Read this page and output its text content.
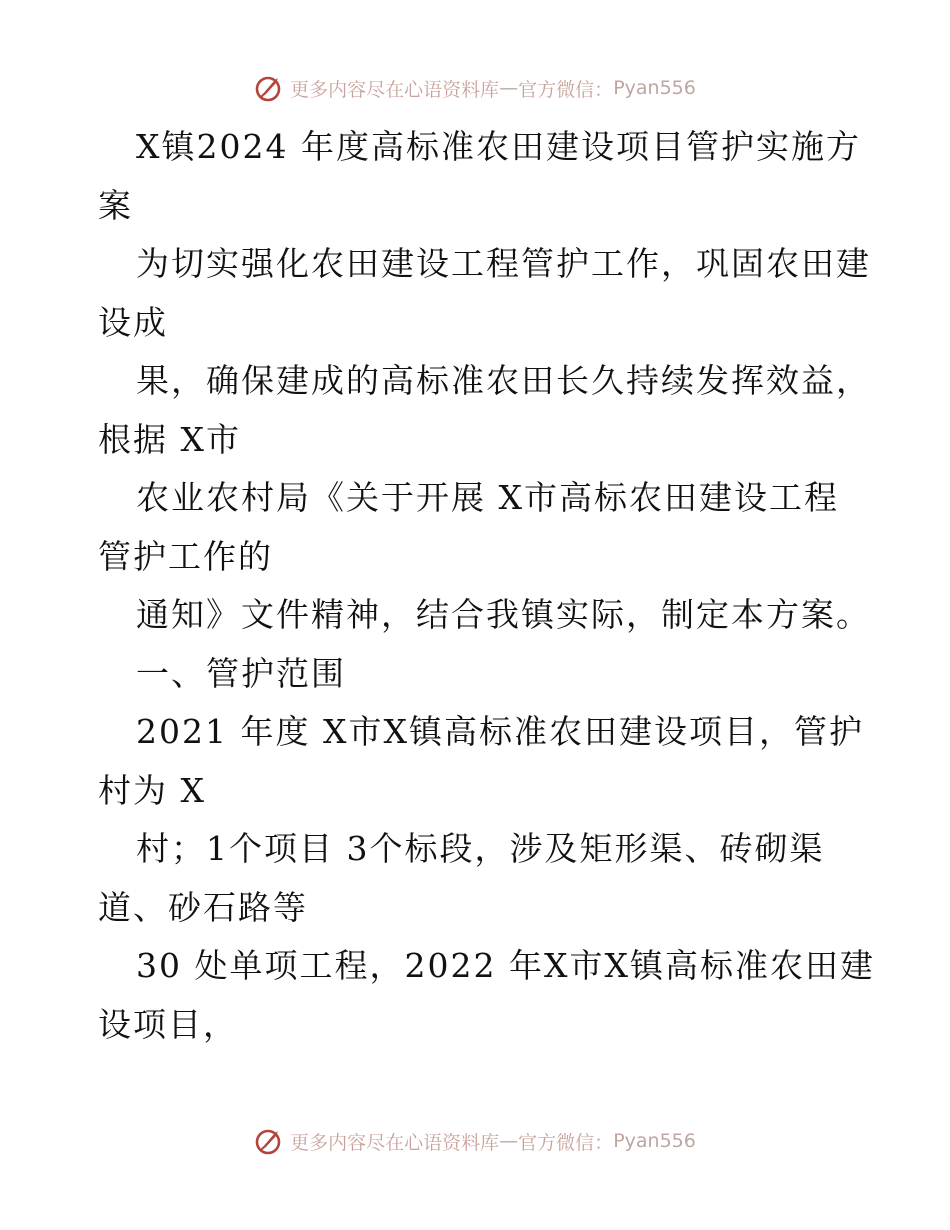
更多内容尽在心语资料库 — 官方微信： Pyan556
X镇2024 年度高标准农田建设项目管护实施方
案
为切实强化农田建设工程管护工作，巩固农田建
设成
果，确保建成的高标准农田长久持续发挥效益，
根据 X市
农业农村局《关于开展 X市高标农田建设工程
管护工作的
通知》文件精神，结合我镇实际，制定本方案。
一、管护范围
2021 年度 X市X镇高标准农田建设项目，管护
村为 X
村；1个项目 3个标段，涉及矩形渠、砖砌渠
道、砂石路等
30 处单项工程，2022 年X市X镇高标准农田建
设项目，
更多内容尽在心语资料库 — 官方微信： Pyan556
